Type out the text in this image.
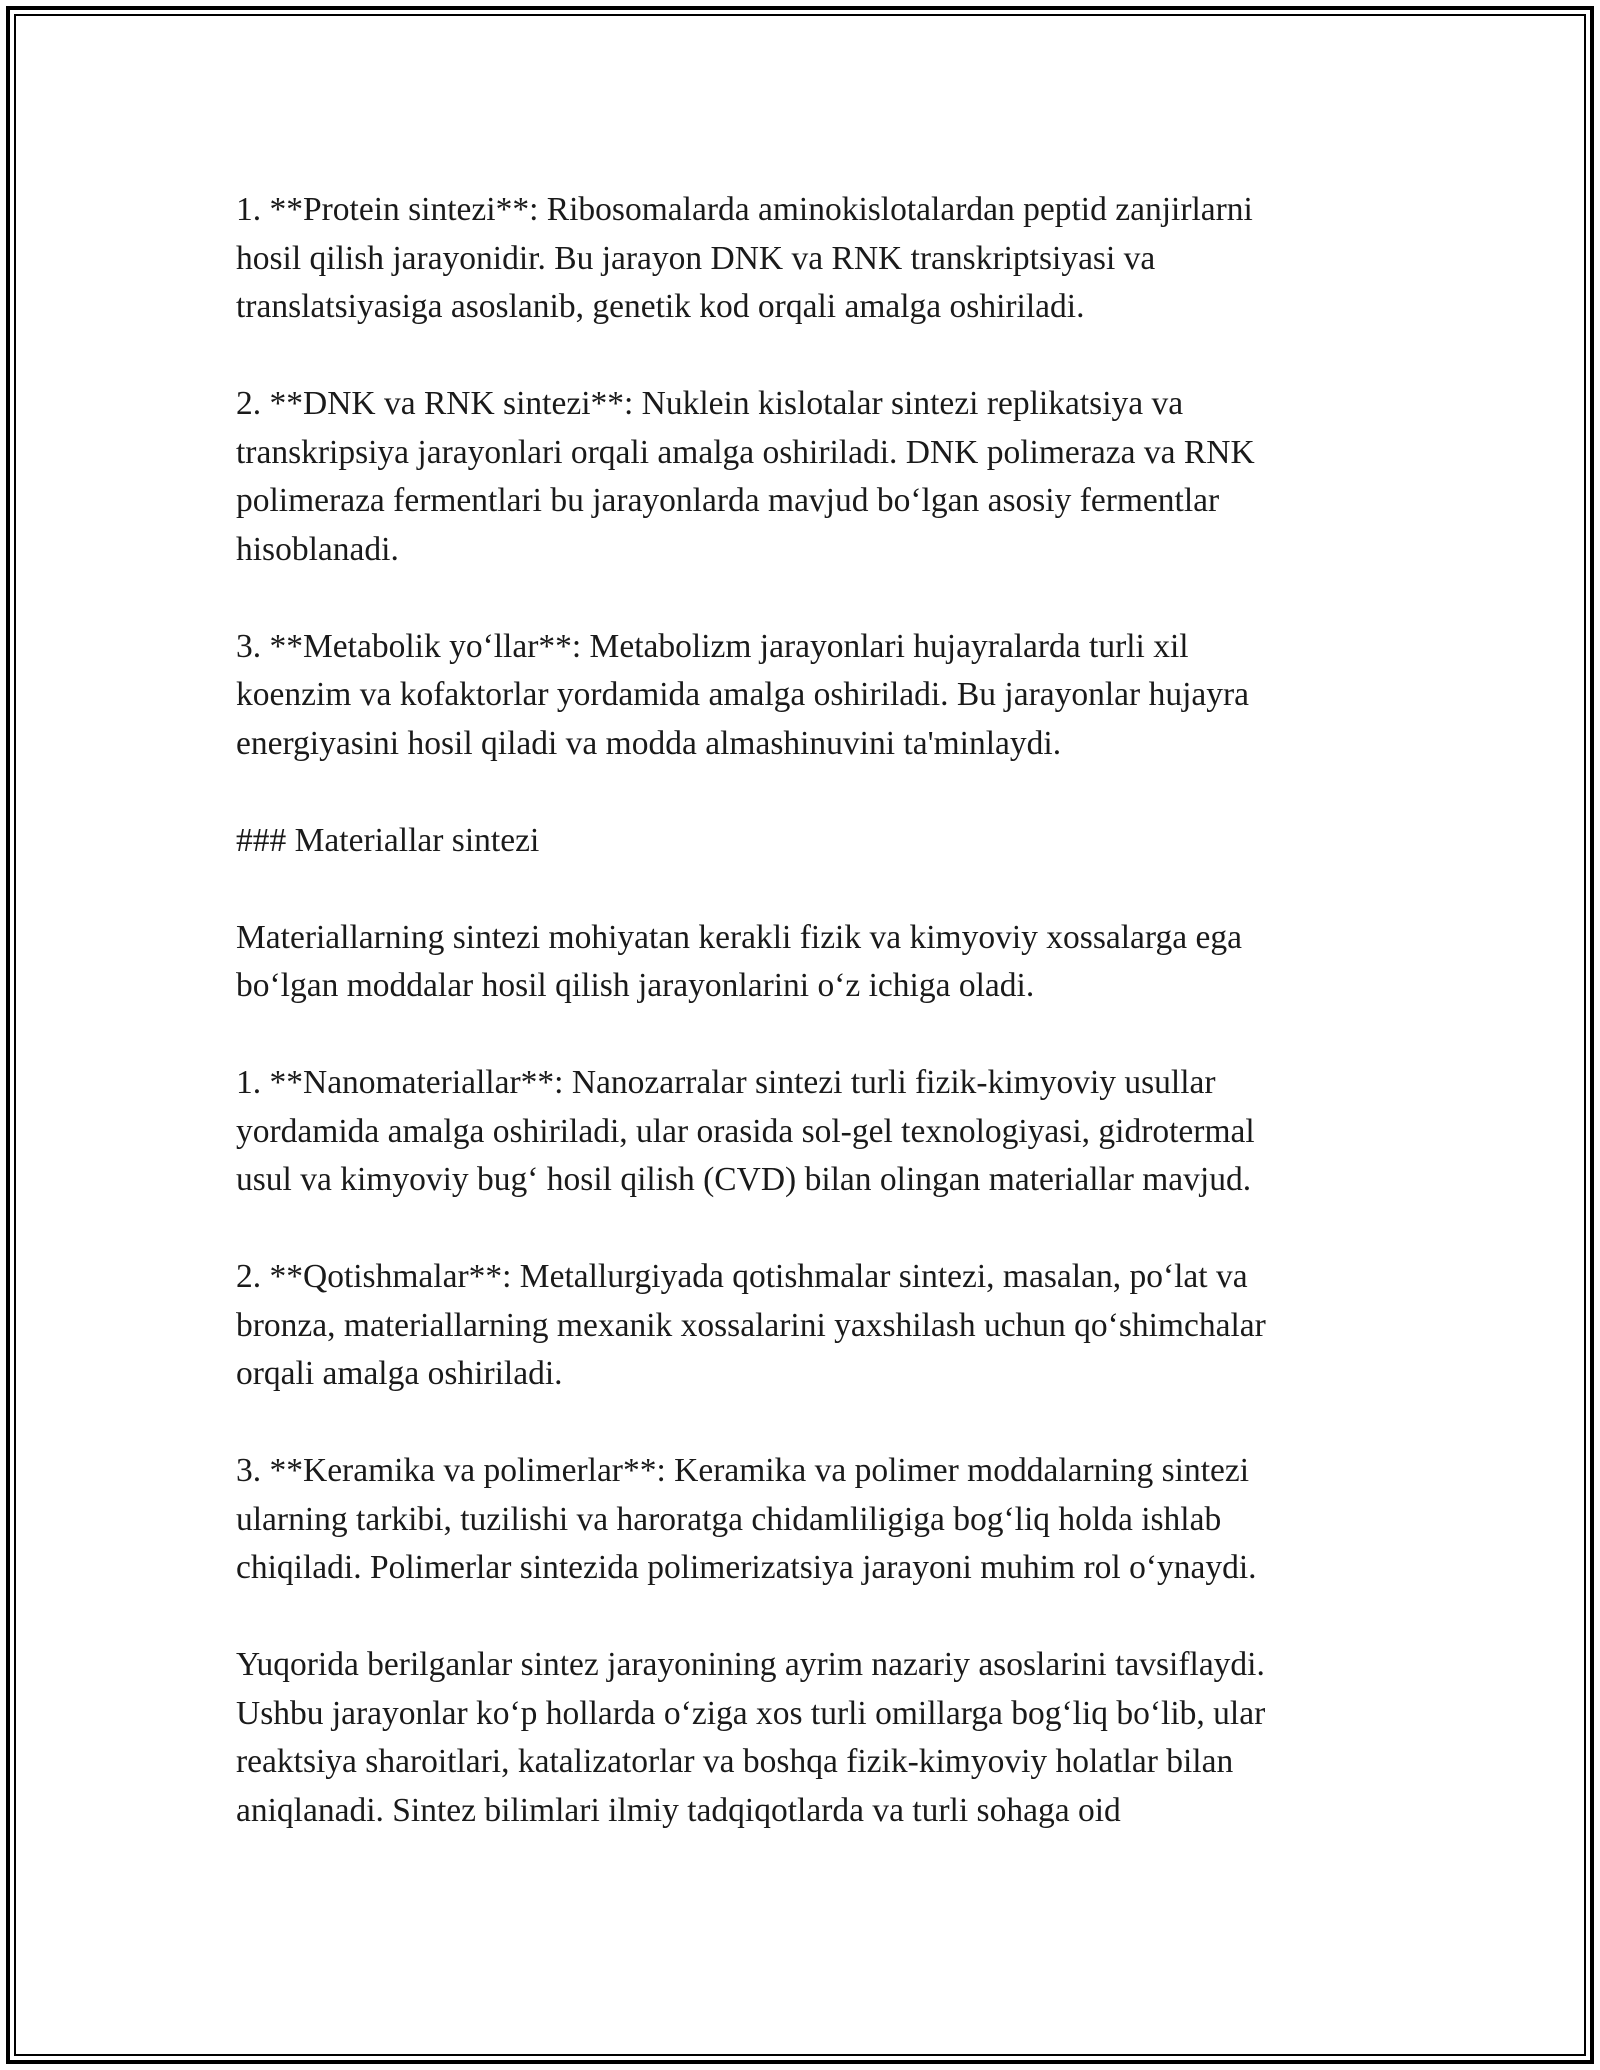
1. **Protein sintezi**: Ribosomalarda aminokislotalardan peptid zanjirlarni
hosil qilish jarayonidir. Bu jarayon DNK va RNK transkriptsiyasi va
translatsiyasiga asoslanib, genetik kod orqali amalga oshiriladi.

2. **DNK va RNK sintezi**: Nuklein kislotalar sintezi replikatsiya va
transkripsiya jarayonlari orqali amalga oshiriladi. DNK polimeraza va RNK
polimeraza fermentlari bu jarayonlarda mavjud bo‘lgan asosiy fermentlar
hisoblanadi.

3. **Metabolik yo‘llar**: Metabolizm jarayonlari hujayralarda turli xil
koenzim va kofaktorlar yordamida amalga oshiriladi. Bu jarayonlar hujayra
energiyasini hosil qiladi va modda almashinuvini ta'minlaydi.

### Materiallar sintezi

Materiallarning sintezi mohiyatan kerakli fizik va kimyoviy xossalarga ega
bo‘lgan moddalar hosil qilish jarayonlarini o‘z ichiga oladi.

1. **Nanomateriallar**: Nanozarralar sintezi turli fizik-kimyoviy usullar
yordamida amalga oshiriladi, ular orasida sol-gel texnologiyasi, gidrotermal
usul va kimyoviy bug‘ hosil qilish (CVD) bilan olingan materiallar mavjud.

2. **Qotishmalar**: Metallurgiyada qotishmalar sintezi, masalan, po‘lat va
bronza, materiallarning mexanik xossalarini yaxshilash uchun qo‘shimchalar
orqali amalga oshiriladi.

3. **Keramika va polimerlar**: Keramika va polimer moddalarning sintezi
ularning tarkibi, tuzilishi va haroratga chidamliligiga bog‘liq holda ishlab
chiqiladi. Polimerlar sintezida polimerizatsiya jarayoni muhim rol o‘ynaydi.

Yuqorida berilganlar sintez jarayonining ayrim nazariy asoslarini tavsiflaydi.
Ushbu jarayonlar ko‘p hollarda o‘ziga xos turli omillarga bog‘liq bo‘lib, ular
reaktsiya sharoitlari, katalizatorlar va boshqa fizik-kimyoviy holatlar bilan
aniqlanadi. Sintez bilimlari ilmiy tadqiqotlarda va turli sohaga oid
